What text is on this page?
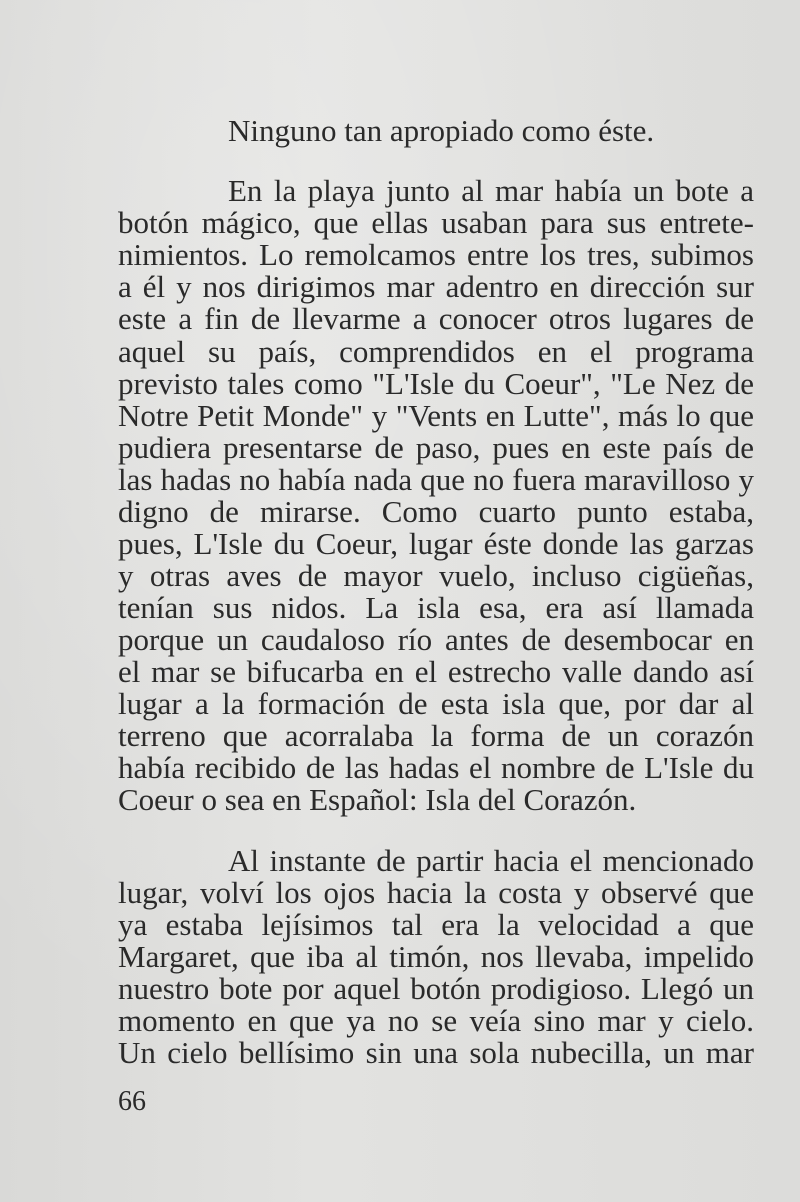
Ninguno tan apropiado como éste.
En la playa junto al mar había un bote a
botón mágico, que ellas usaban para sus entrete-
nimientos. Lo remolcamos entre los tres, subimos
a él y nos dirigimos mar adentro en dirección sur
este a fin de llevarme a conocer otros lugares de
aquel su país, comprendidos en el programa
previsto tales como "L'Isle du Coeur", "Le Nez de
Notre Petit Monde" y "Vents en Lutte", más lo que
pudiera presentarse de paso, pues en este país de
las hadas no había nada que no fuera maravilloso y
digno de mirarse. Como cuarto punto estaba,
pues, L'Isle du Coeur, lugar éste donde las garzas
y otras aves de mayor vuelo, incluso cigüeñas,
tenían sus nidos. La isla esa, era así llamada
porque un caudaloso río antes de desembocar en
el mar se bifucarba en el estrecho valle dando así
lugar a la formación de esta isla que, por dar al
terreno que acorralaba la forma de un corazón
había recibido de las hadas el nombre de L'Isle du
Coeur o sea en Español: Isla del Corazón.
Al instante de partir hacia el mencionado
lugar, volví los ojos hacia la costa y observé que
ya estaba lejísimos tal era la velocidad a que
Margaret, que iba al timón, nos llevaba, impelido
nuestro bote por aquel botón prodigioso. Llegó un
momento en que ya no se veía sino mar y cielo.
Un cielo bellísimo sin una sola nubecilla, un mar
66
